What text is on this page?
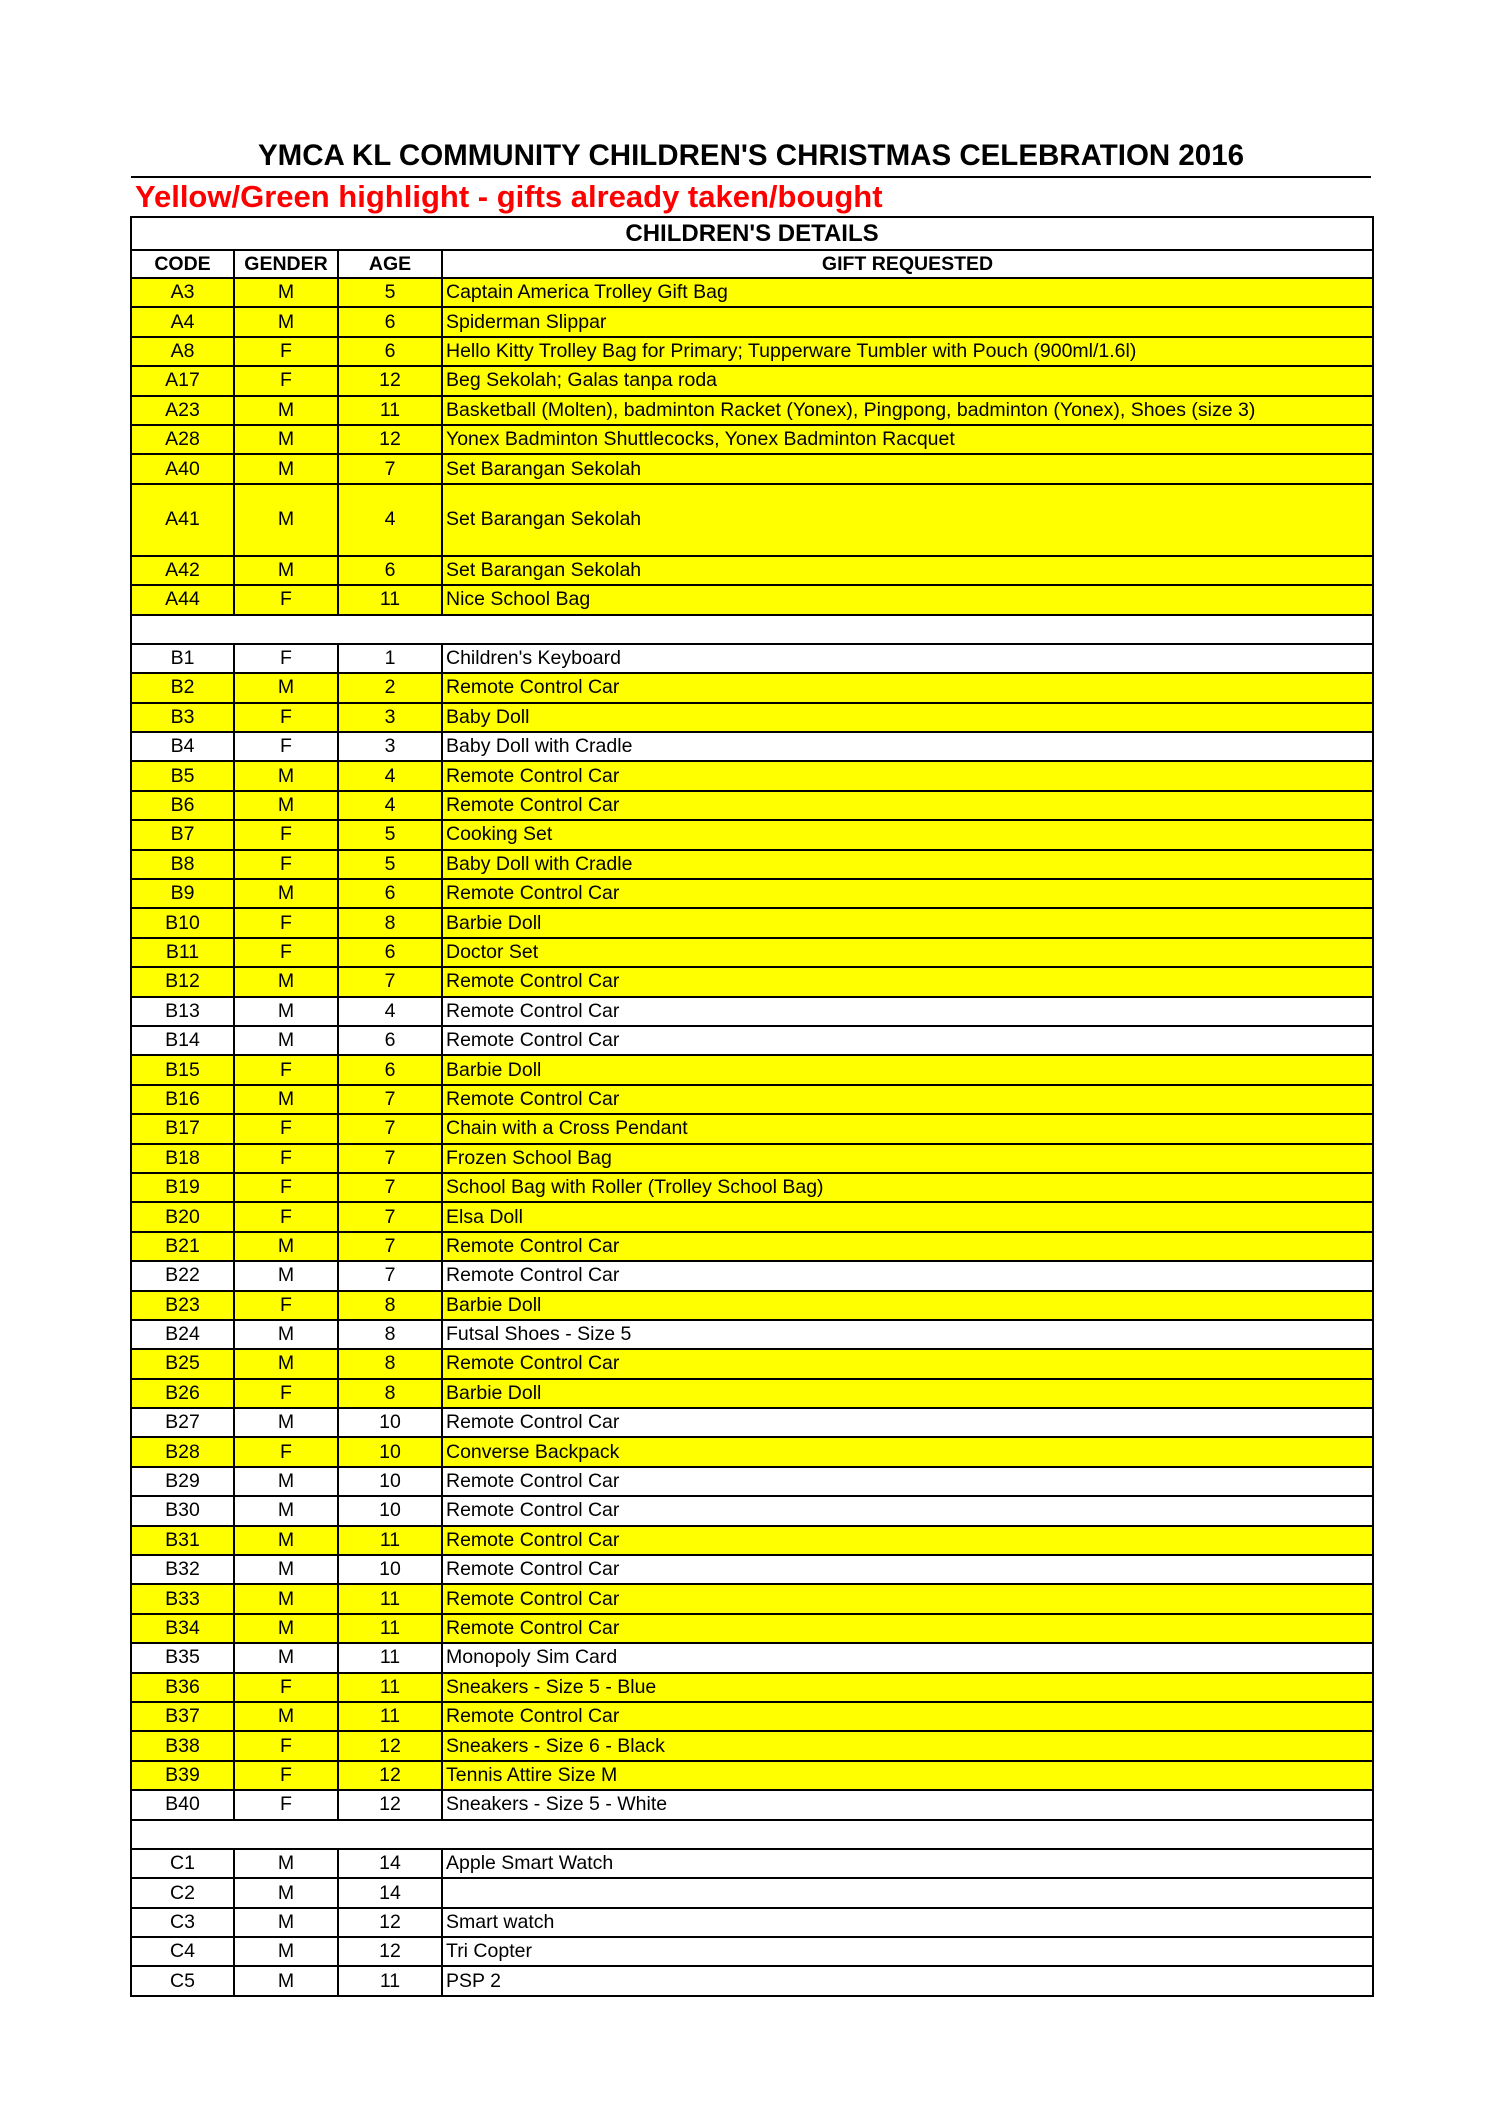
YMCA KL COMMUNITY CHILDREN'S CHRISTMAS CELEBRATION 2016
Yellow/Green highlight - gifts already taken/bought
CHILDREN'S DETAILS			
CODE	GENDER	AGE	GIFT REQUESTED
A3	M	5	Captain America Trolley Gift Bag
A4	M	6	Spiderman Slippar
A8	F	6	Hello Kitty Trolley Bag for Primary; Tupperware Tumbler with Pouch (900ml/1.6l)
A17	F	12	Beg Sekolah; Galas tanpa roda
A23	M	11	Basketball (Molten), badminton Racket (Yonex), Pingpong, badminton (Yonex), Shoes (size 3)
A28	M	12	Yonex Badminton Shuttlecocks, Yonex Badminton Racquet
A40	M	7	Set Barangan Sekolah
A41	M	4	Set Barangan Sekolah
A42	M	6	Set Barangan Sekolah
A44	F	11	Nice School Bag

B1	F	1	Children's Keyboard
B2	M	2	Remote Control Car
B3	F	3	Baby Doll
B4	F	3	Baby Doll with Cradle
B5	M	4	Remote Control Car
B6	M	4	Remote Control Car
B7	F	5	Cooking Set
B8	F	5	Baby Doll with Cradle
B9	M	6	Remote Control Car
B10	F	8	Barbie Doll
B11	F	6	Doctor Set
B12	M	7	Remote Control Car
B13	M	4	Remote Control Car
B14	M	6	Remote Control Car
B15	F	6	Barbie Doll
B16	M	7	Remote Control Car
B17	F	7	Chain with a Cross Pendant
B18	F	7	Frozen School Bag
B19	F	7	School Bag with Roller (Trolley School Bag)
B20	F	7	Elsa Doll
B21	M	7	Remote Control Car
B22	M	7	Remote Control Car
B23	F	8	Barbie Doll
B24	M	8	Futsal Shoes - Size 5
B25	M	8	Remote Control Car
B26	F	8	Barbie Doll
B27	M	10	Remote Control Car
B28	F	10	Converse Backpack
B29	M	10	Remote Control Car
B30	M	10	Remote Control Car
B31	M	11	Remote Control Car
B32	M	10	Remote Control Car
B33	M	11	Remote Control Car
B34	M	11	Remote Control Car
B35	M	11	Monopoly Sim Card
B36	F	11	Sneakers - Size 5 - Blue
B37	M	11	Remote Control Car
B38	F	12	Sneakers - Size 6 - Black
B39	F	12	Tennis Attire Size M
B40	F	12	Sneakers - Size 5 - White

C1	M	14	Apple Smart Watch
C2	M	14	
C3	M	12	Smart watch
C4	M	12	Tri Copter
C5	M	11	PSP 2
